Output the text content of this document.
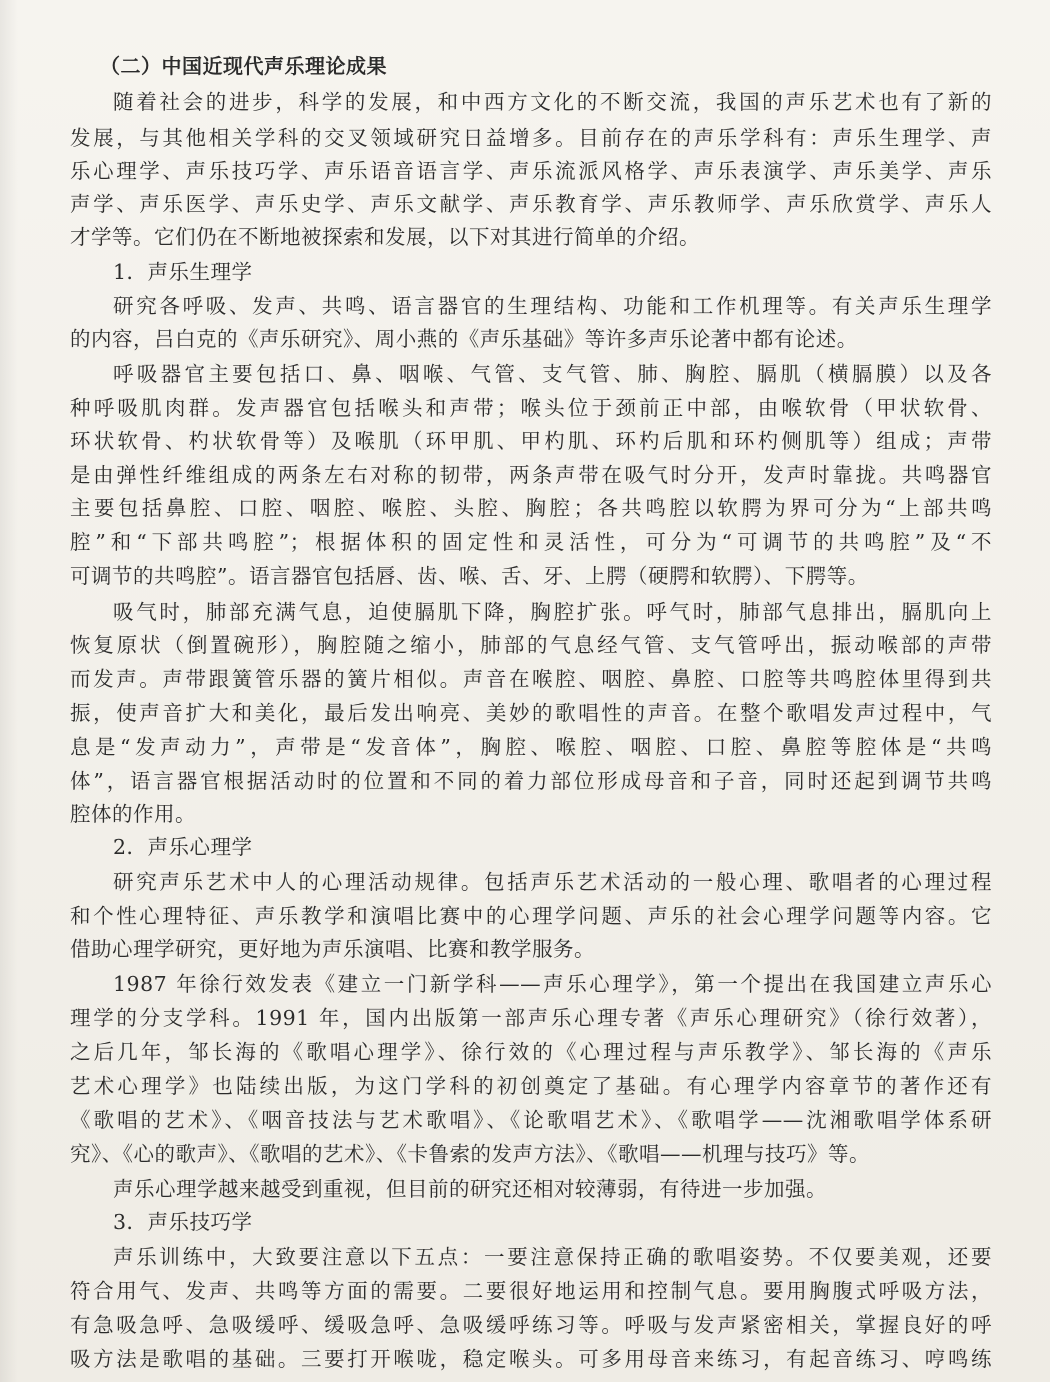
（二）中国近现代声乐理论成果
随着社会的进步，科学的发展，和中西方文化的不断交流，我国的声乐艺术也有了新的
发展，与其他相关学科的交叉领域研究日益增多。目前存在的声乐学科有：声乐生理学、声
乐心理学、声乐技巧学、声乐语音语言学、声乐流派风格学、声乐表演学、声乐美学、声乐
声学、声乐医学、声乐史学、声乐文献学、声乐教育学、声乐教师学、声乐欣赏学、声乐人
才学等。它们仍在不断地被探索和发展，以下对其进行简单的介绍。
1．声乐生理学
研究各呼吸、发声、共鸣、语言器官的生理结构、功能和工作机理等。有关声乐生理学
的内容，吕白克的《声乐研究》、周小燕的《声乐基础》等许多声乐论著中都有论述。
呼吸器官主要包括口、鼻、咽喉、气管、支气管、肺、胸腔、膈肌（横膈膜）以及各
种呼吸肌肉群。发声器官包括喉头和声带；喉头位于颈前正中部，由喉软骨（甲状软骨、
环状软骨、杓状软骨等）及喉肌（环甲肌、甲杓肌、环杓后肌和环杓侧肌等）组成；声带
是由弹性纤维组成的两条左右对称的韧带，两条声带在吸气时分开，发声时靠拢。共鸣器官
主要包括鼻腔、口腔、咽腔、喉腔、头腔、胸腔；各共鸣腔以软腭为界可分为“上部共鸣
腔”和“下部共鸣腔”；根据体积的固定性和灵活性，可分为“可调节的共鸣腔”及“不
可调节的共鸣腔”。语言器官包括唇、齿、喉、舌、牙、上腭（硬腭和软腭）、下腭等。
吸气时，肺部充满气息，迫使膈肌下降，胸腔扩张。呼气时，肺部气息排出，膈肌向上
恢复原状（倒置碗形），胸腔随之缩小，肺部的气息经气管、支气管呼出，振动喉部的声带
而发声。声带跟簧管乐器的簧片相似。声音在喉腔、咽腔、鼻腔、口腔等共鸣腔体里得到共
振，使声音扩大和美化，最后发出响亮、美妙的歌唱性的声音。在整个歌唱发声过程中，气
息是“发声动力”，声带是“发音体”，胸腔、喉腔、咽腔、口腔、鼻腔等腔体是“共鸣
体”，语言器官根据活动时的位置和不同的着力部位形成母音和子音，同时还起到调节共鸣
腔体的作用。
2．声乐心理学
研究声乐艺术中人的心理活动规律。包括声乐艺术活动的一般心理、歌唱者的心理过程
和个性心理特征、声乐教学和演唱比赛中的心理学问题、声乐的社会心理学问题等内容。它
借助心理学研究，更好地为声乐演唱、比赛和教学服务。
1987 年徐行效发表《建立一门新学科——声乐心理学》，第一个提出在我国建立声乐心
理学的分支学科。1991 年，国内出版第一部声乐心理专著《声乐心理研究》（徐行效著），
之后几年，邹长海的《歌唱心理学》、徐行效的《心理过程与声乐教学》、邹长海的《声乐
艺术心理学》也陆续出版，为这门学科的初创奠定了基础。有心理学内容章节的著作还有
《歌唱的艺术》、《咽音技法与艺术歌唱》、《论歌唱艺术》、《歌唱学——沈湘歌唱学体系研
究》、《心的歌声》、《歌唱的艺术》、《卡鲁索的发声方法》、《歌唱——机理与技巧》等。
声乐心理学越来越受到重视，但目前的研究还相对较薄弱，有待进一步加强。
3．声乐技巧学
声乐训练中，大致要注意以下五点：一要注意保持正确的歌唱姿势。不仅要美观，还要
符合用气、发声、共鸣等方面的需要。二要很好地运用和控制气息。要用胸腹式呼吸方法，
有急吸急呼、急吸缓呼、缓吸急呼、急吸缓呼练习等。呼吸与发声紧密相关，掌握良好的呼
吸方法是歌唱的基础。三要打开喉咙，稳定喉头。可多用母音来练习，有起音练习、哼鸣练
